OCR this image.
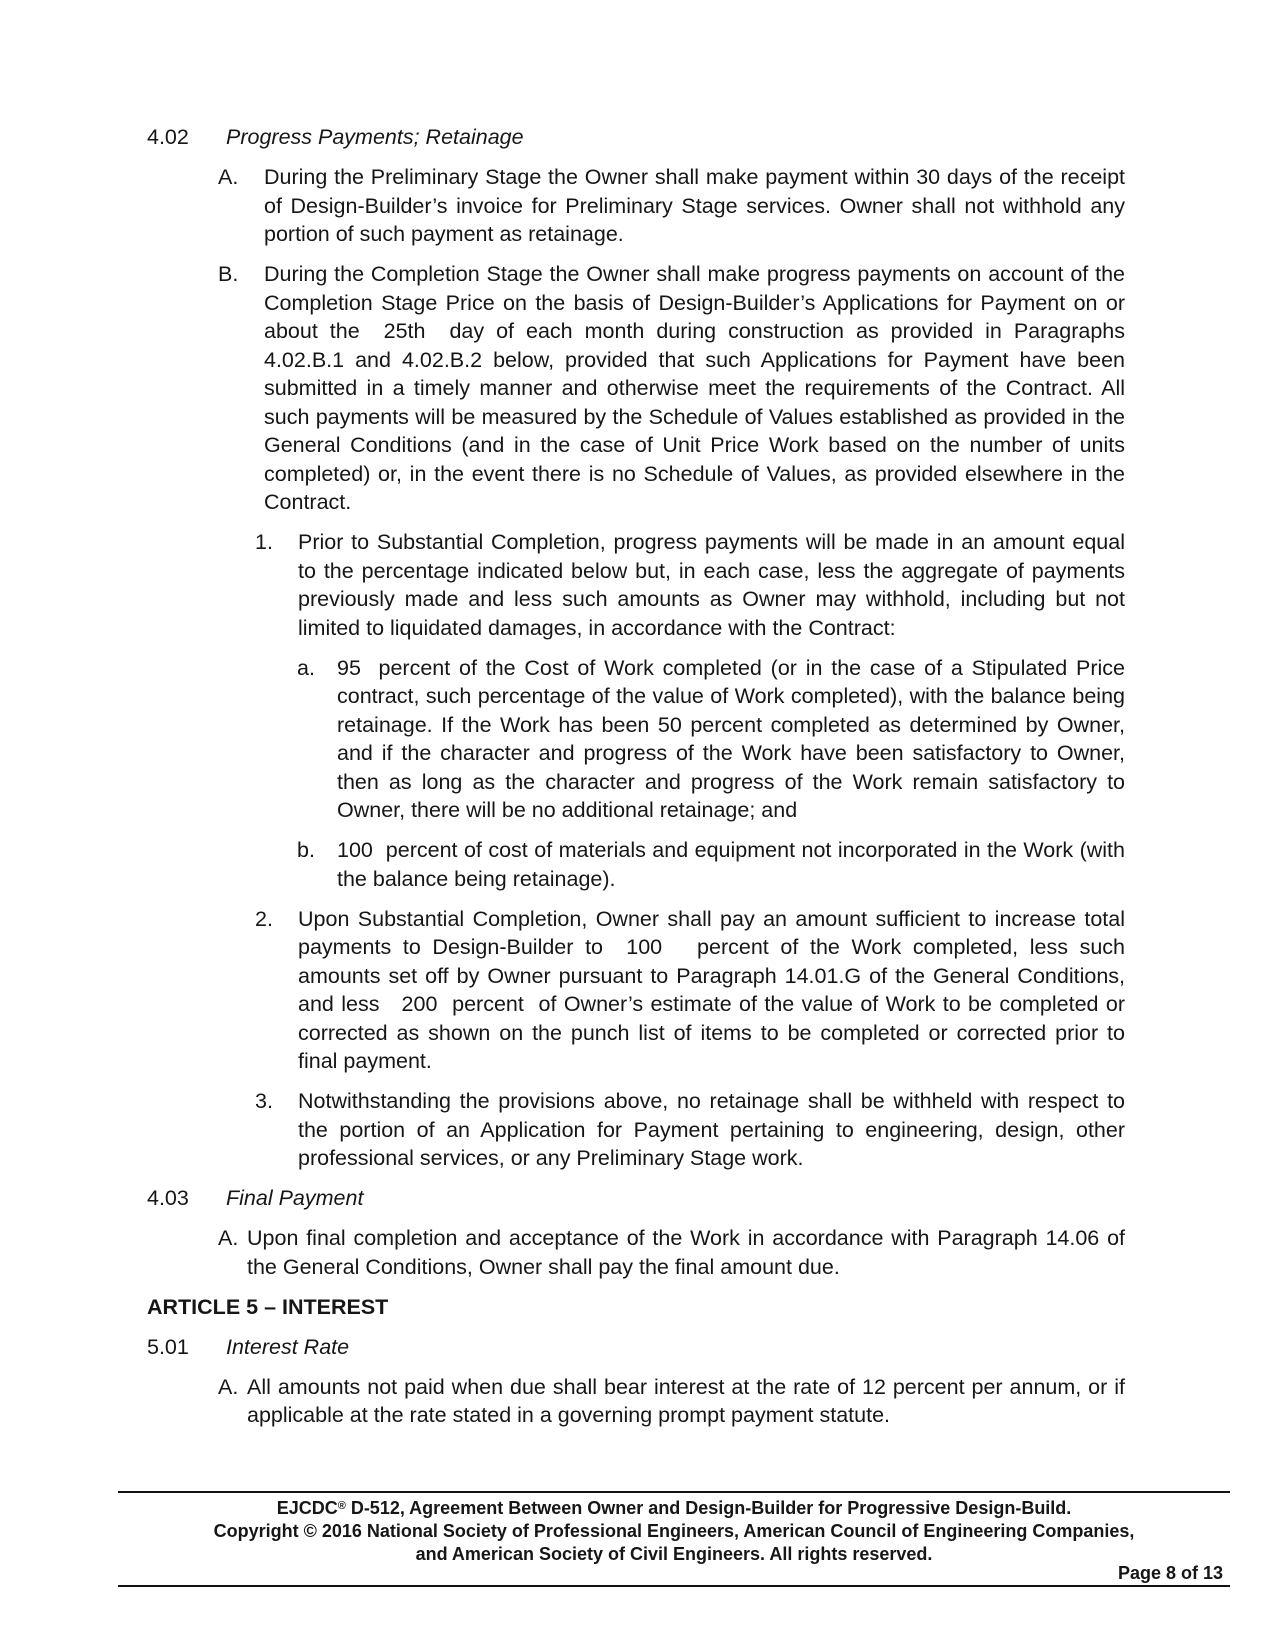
4.02 Progress Payments; Retainage
A. During the Preliminary Stage the Owner shall make payment within 30 days of the receipt of Design-Builder’s invoice for Preliminary Stage services. Owner shall not withhold any portion of such payment as retainage.
B. During the Completion Stage the Owner shall make progress payments on account of the Completion Stage Price on the basis of Design-Builder’s Applications for Payment on or about the  25th  day of each month during construction as provided in Paragraphs 4.02.B.1 and 4.02.B.2 below, provided that such Applications for Payment have been submitted in a timely manner and otherwise meet the requirements of the Contract. All such payments will be measured by the Schedule of Values established as provided in the General Conditions (and in the case of Unit Price Work based on the number of units completed) or, in the event there is no Schedule of Values, as provided elsewhere in the Contract.
1. Prior to Substantial Completion, progress payments will be made in an amount equal to the percentage indicated below but, in each case, less the aggregate of payments previously made and less such amounts as Owner may withhold, including but not limited to liquidated damages, in accordance with the Contract:
a. 95  percent of the Cost of Work completed (or in the case of a Stipulated Price contract, such percentage of the value of Work completed), with the balance being retainage. If the Work has been 50 percent completed as determined by Owner, and if the character and progress of the Work have been satisfactory to Owner, then as long as the character and progress of the Work remain satisfactory to Owner, there will be no additional retainage; and
b. 100  percent of cost of materials and equipment not incorporated in the Work (with the balance being retainage).
2. Upon Substantial Completion, Owner shall pay an amount sufficient to increase total payments to Design-Builder to  100   percent of the Work completed, less such amounts set off by Owner pursuant to Paragraph 14.01.G of the General Conditions, and less   200  percent  of Owner’s estimate of the value of Work to be completed or corrected as shown on the punch list of items to be completed or corrected prior to final payment.
3. Notwithstanding the provisions above, no retainage shall be withheld with respect to the portion of an Application for Payment pertaining to engineering, design, other professional services, or any Preliminary Stage work.
4.03 Final Payment
A. Upon final completion and acceptance of the Work in accordance with Paragraph 14.06 of the General Conditions, Owner shall pay the final amount due.
ARTICLE 5 – INTEREST
5.01 Interest Rate
A. All amounts not paid when due shall bear interest at the rate of 12 percent per annum, or if applicable at the rate stated in a governing prompt payment statute.
EJCDC® D-512, Agreement Between Owner and Design-Builder for Progressive Design-Build.
Copyright © 2016 National Society of Professional Engineers, American Council of Engineering Companies,
and American Society of Civil Engineers. All rights reserved.
Page 8 of 13
